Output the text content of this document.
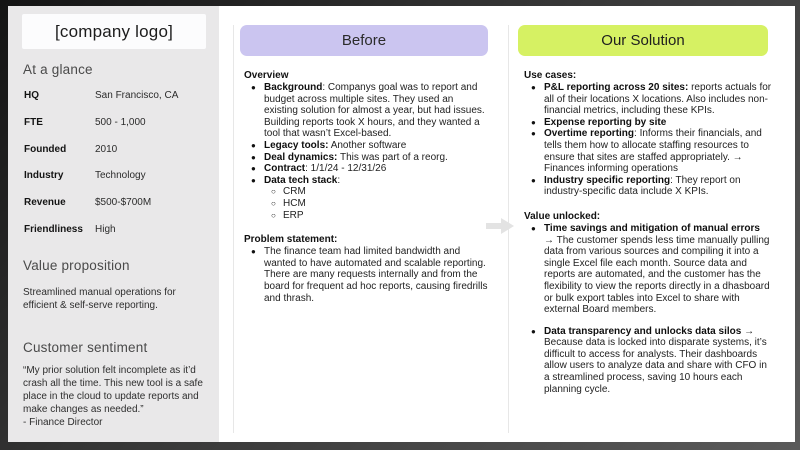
[company logo]
At a glance
HQ	San Francisco, CA
FTE	500 - 1,000
Founded	2010
Industry	Technology
Revenue	$500-$700M
Friendliness	High
Value proposition
Streamlined manual operations for efficient & self-serve reporting.
Customer sentiment
“My prior solution felt incomplete as it’d crash all the time. This new tool is a safe place in the cloud to update reports and make changes as needed.”
- Finance Director
Before
Overview
● Background: Companys goal was to report and budget across multiple sites. They used an existing solution for almost a year, but had issues. Building reports took X hours, and they wanted a tool that wasn’t Excel-based.
● Legacy tools: Another software
● Deal dynamics: This was part of a reorg.
● Contract: 1/1/24 - 12/31/26
● Data tech stack:
○ CRM
○ HCM
○ ERP
Problem statement:
● The finance team had limited bandwidth and wanted to have automated and scalable reporting. There are many requests internally and from the board for frequent ad hoc reports, causing firedrills and thrash.
Our Solution
Use cases:
● P&L reporting across 20 sites: reports actuals for all of their locations X locations. Also includes non-financial metrics, including these KPIs.
● Expense reporting by site
● Overtime reporting: Informs their financials, and tells them how to allocate staffing resources to ensure that sites are staffed appropriately. → Finances informing operations
● Industry specific reporting: They report on industry-specific data include X KPIs.
Value unlocked:
● Time savings and mitigation of manual errors → The customer spends less time manually pulling data from various sources and compiling it into a single Excel file each month. Source data and reports are automated, and the customer has the flexibility to view the reports directly in a dhasboard or bulk export tables into Excel to share with external Board members.
● Data transparency and unlocks data silos → Because data is locked into disparate systems, it’s difficult to access for analysts. Their dashboards allow users to analyze data and share with CFO in a streamlined process, saving 10 hours each planning cycle.
